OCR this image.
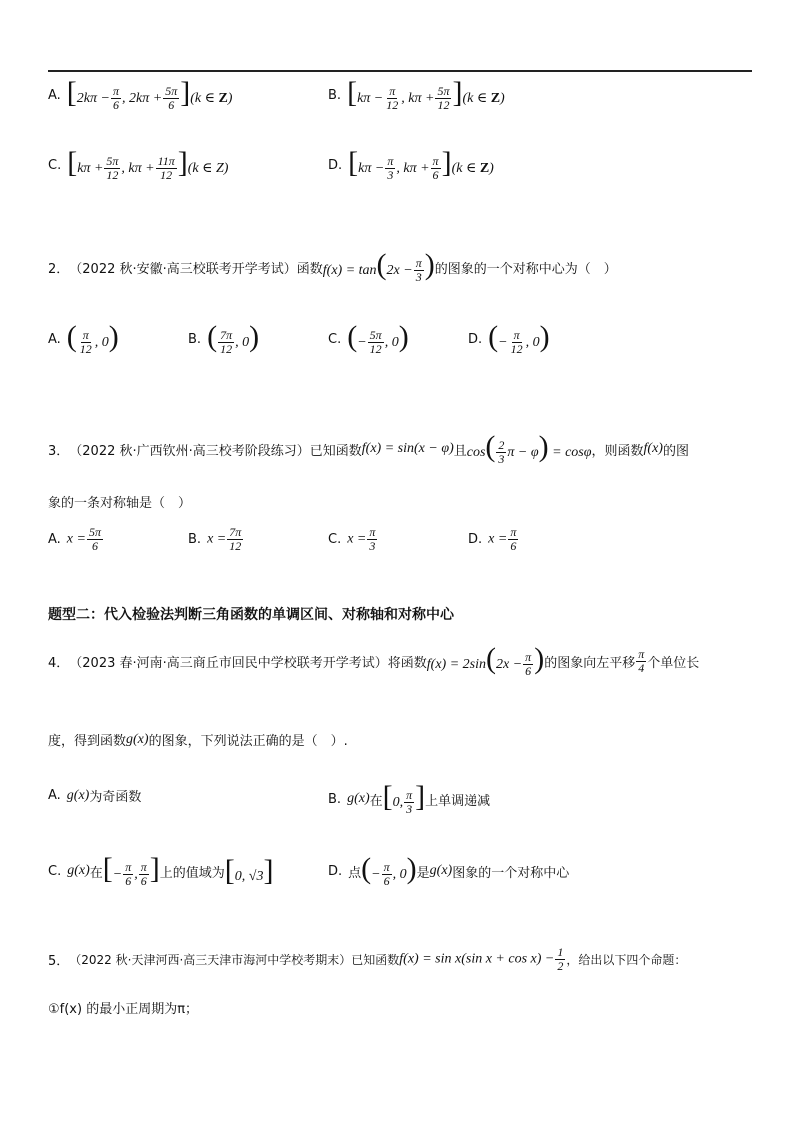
A. [$2k\pi - \frac{\pi}{6}$ , $2k\pi + \frac{5\pi}{6} ](k$ ∈ Z)	B. [$k\pi - \frac{\pi}{12}$ , $k\pi + \frac{5\pi}{12} ](k$ ∈ Z)
C. [$k\pi + \frac{5\pi}{12}$ , $k\pi + \frac{11\pi}{12} ](k$ ∈ Z)	D. [$k\pi - \frac{\pi}{3}$ , $k\pi + \frac{\pi}{6} ](k$ ∈ Z)
2． （2022 秋·安徽·高三校联考开学考试） 函数 $f(x) = \tan(2x - \frac{\pi}{3}$ ) 的图象的一个对称中心为（　）
A. ( $\frac{\pi}{12}$ , 0)	B. ( $\frac{7\pi}{12}$ , 0)	C. (− $\frac{5\pi}{12}$ , 0)	D. (− $\frac{\pi}{12}$ , 0)
3． （2022 秋·广西钦州·高三校考阶段练习） 已知函数 f(x) = sin(x − φ) 且 $\cos( \frac{2}{3}$ π − φ) = cosφ ，则函数 f(x) 的图
象的一条对称轴是（　）
A. $x = \frac{5\pi}{6}$	B. $x = \frac{7\pi}{12}$	C. $x = \frac{\pi}{3}$	D. $x = \frac{\pi}{6}$
题型二：代入检验法判断三角函数的单调区间、对称轴和对称中心
4． （2023 春·河南·高三商丘市回民中学校联考开学考试） 将函数 $f(x) = 2\sin(2x - \frac{\pi}{6}$ ) 的图象向左平移 $\frac{\pi}{4}$ 个单位长
度，得到函数 g(x) 的图象，下列说法正确的是（　）.
A. g(x) 为奇函数	B. g(x) 在 [0, $\frac{\pi}{3}$ ] 上单调递减
C. g(x) 在 [− $\frac{\pi}{6}$ , $\frac{\pi}{6}$ ] 上的值域为 [0, √3]	D. 点 (− $\frac{\pi}{6}$ , 0) 是 g(x) 图象的一个对称中心
5． （2022 秋·天津河西·高三天津市海河中学校考期末） 已知函数 f(x) = sin x(sin $x + \cos x) - \frac{1}{2}$ ，给出以下四个命题：
①f(x) 的最小正周期为π；
